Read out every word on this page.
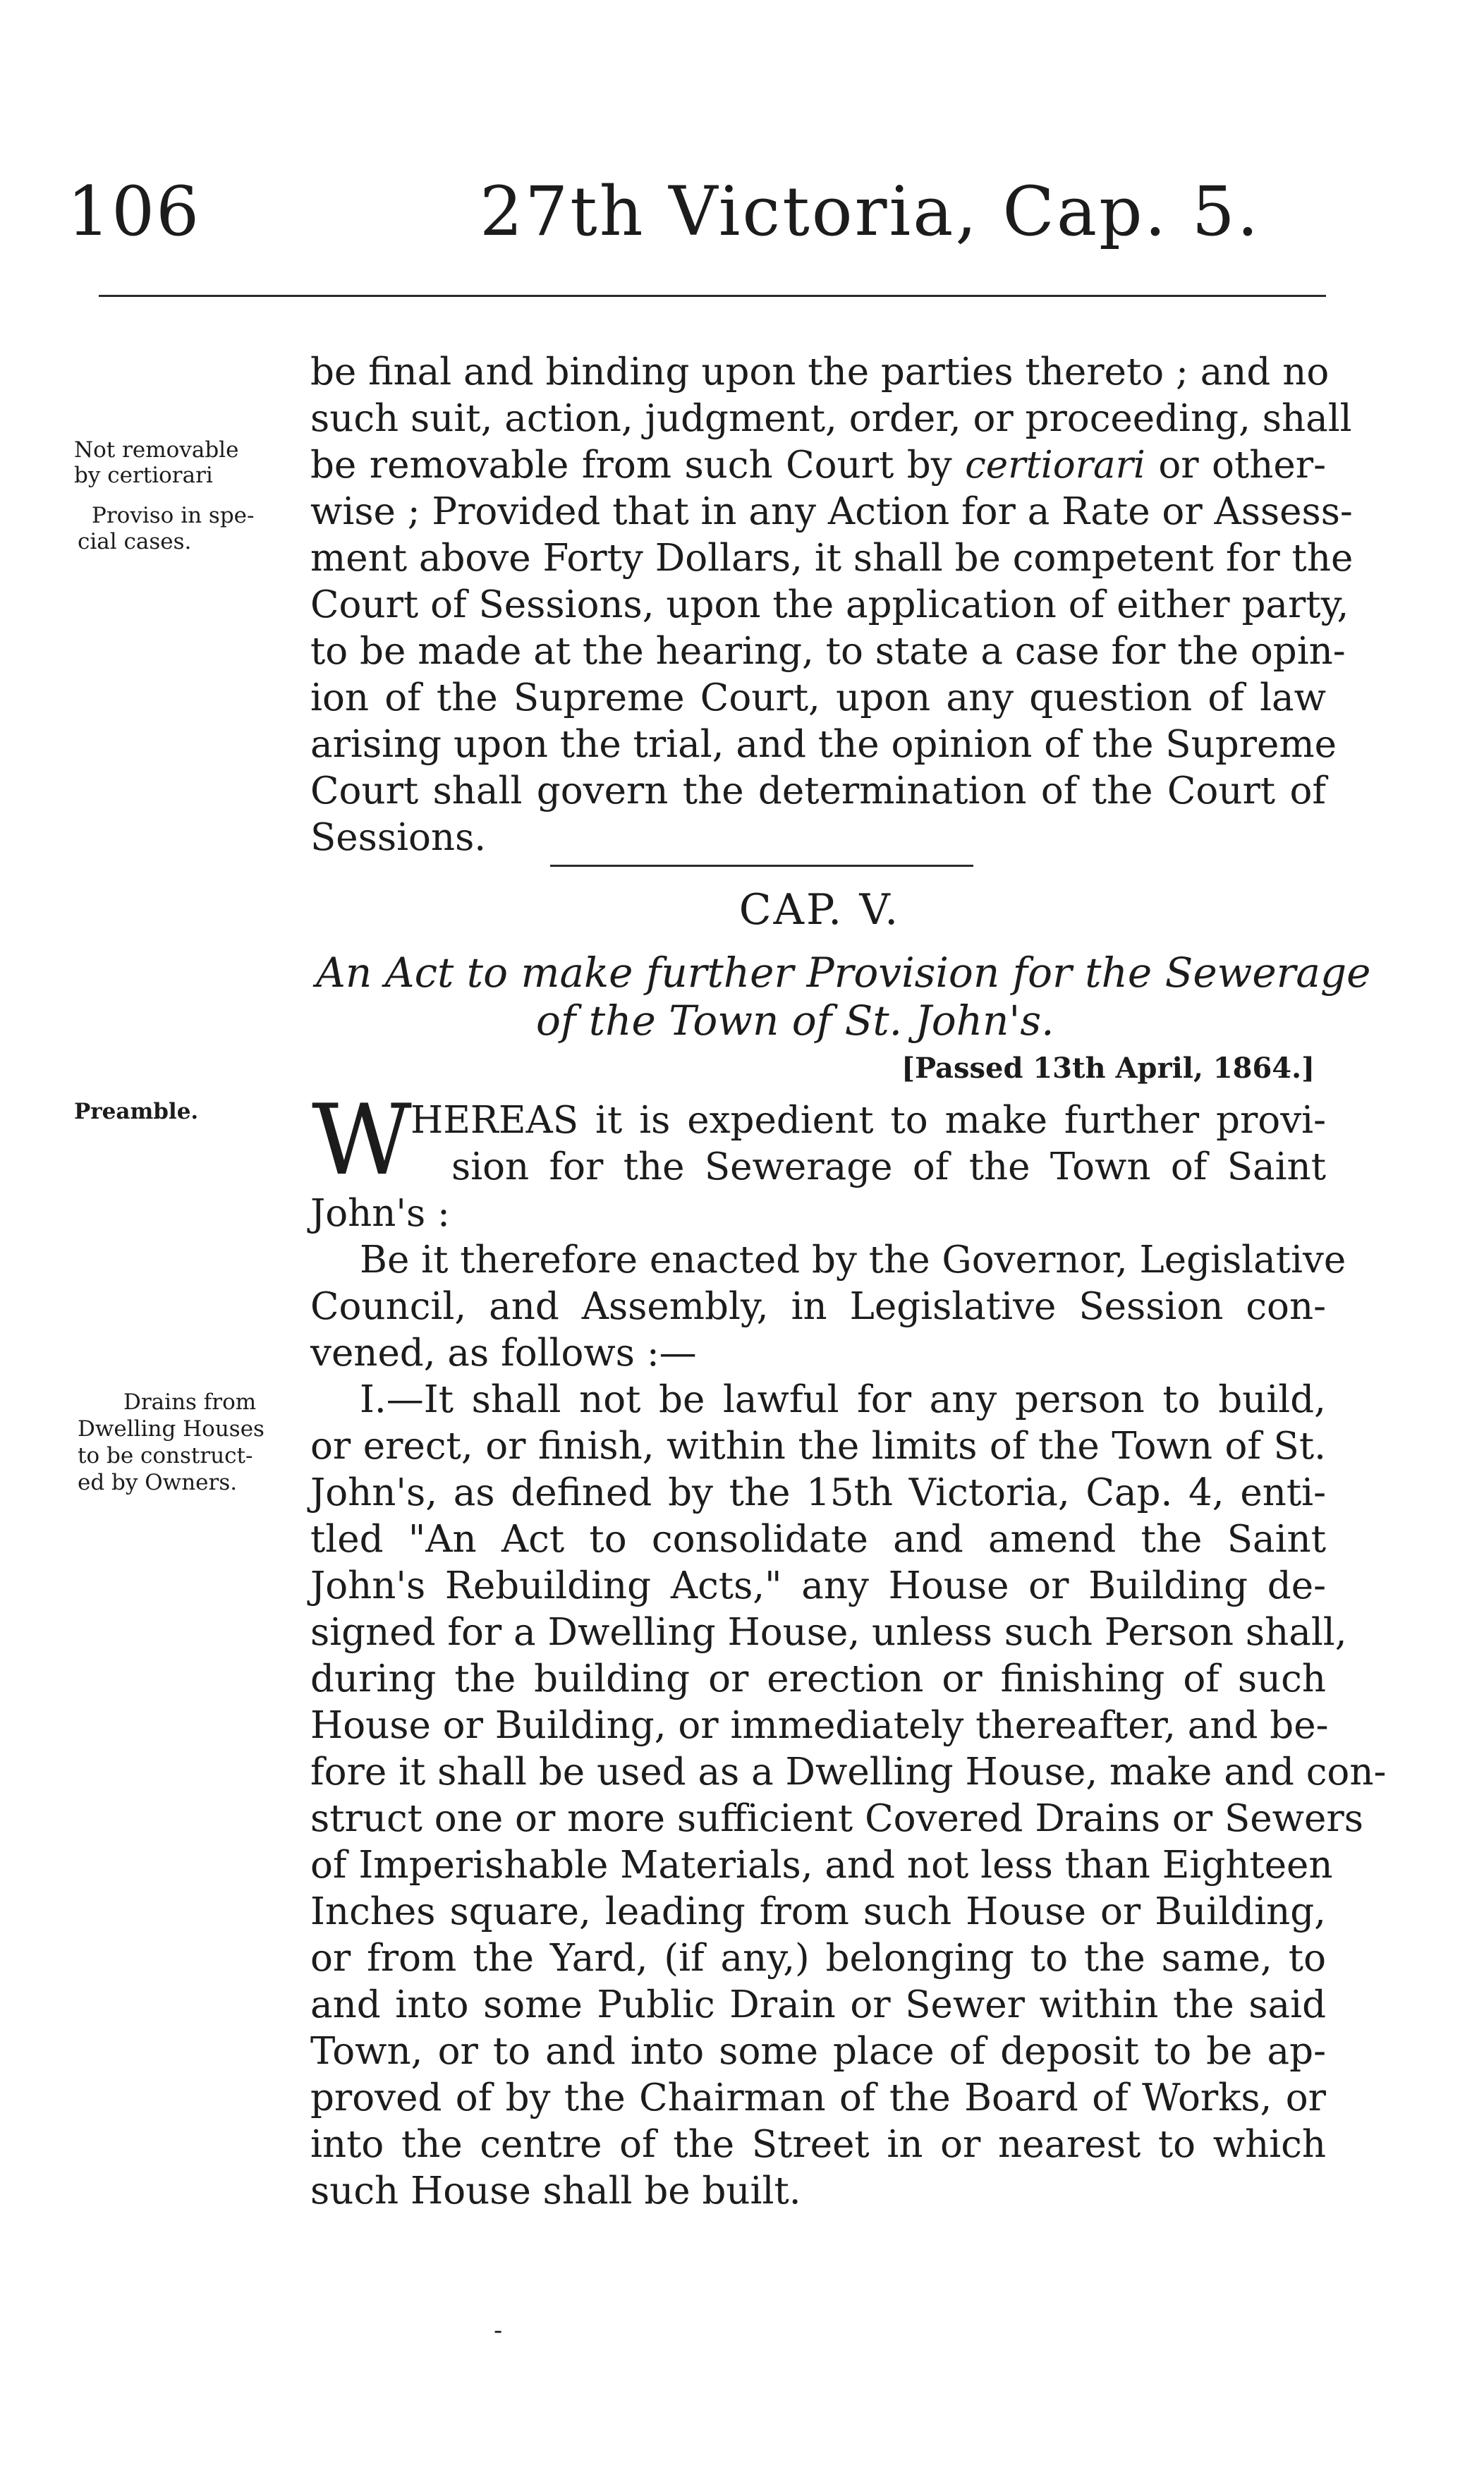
106	27th Victoria, Cap. 5.
Not removable
by certiorari
Proviso in spe-
cial cases.
Preamble.
Drains from
Dwelling Houses
to be construct-
ed by Owners.
be final and binding upon the parties thereto ; and no
such suit, action, judgment, order, or proceeding, shall
be removable from such Court by certiorari or other-
wise ; Provided that in any Action for a Rate or Assess-
ment above Forty Dollars, it shall be competent for the
Court of Sessions, upon the application of either party,
to be made at the hearing, to state a case for the opin-
ion of the Supreme Court, upon any question of law
arising upon the trial, and the opinion of the Supreme
Court shall govern the determination of the Court of
Sessions.
CAP. V.
An Act to make further Provision for the Sewerage
of the Town of St. John's.
[Passed 13th April, 1864.]
W
HEREAS it is expedient to make further provi-
sion for the Sewerage of the Town of Saint
John's :
Be it therefore enacted by the Governor, Legislative
Council, and Assembly, in Legislative Session con-
vened, as follows :—
I.—It shall not be lawful for any person to build,
or erect, or finish, within the limits of the Town of St.
John's, as defined by the 15th Victoria, Cap. 4, enti-
tled "An Act to consolidate and amend the Saint
John's Rebuilding Acts," any House or Building de-
signed for a Dwelling House, unless such Person shall,
during the building or erection or finishing of such
House or Building, or immediately thereafter, and be-
fore it shall be used as a Dwelling House, make and con-
struct one or more sufficient Covered Drains or Sewers
of Imperishable Materials, and not less than Eighteen
Inches square, leading from such House or Building,
or from the Yard, (if any,) belonging to the same, to
and into some Public Drain or Sewer within the said
Town, or to and into some place of deposit to be ap-
proved of by the Chairman of the Board of Works, or
into the centre of the Street in or nearest to which
such House shall be built.
-
